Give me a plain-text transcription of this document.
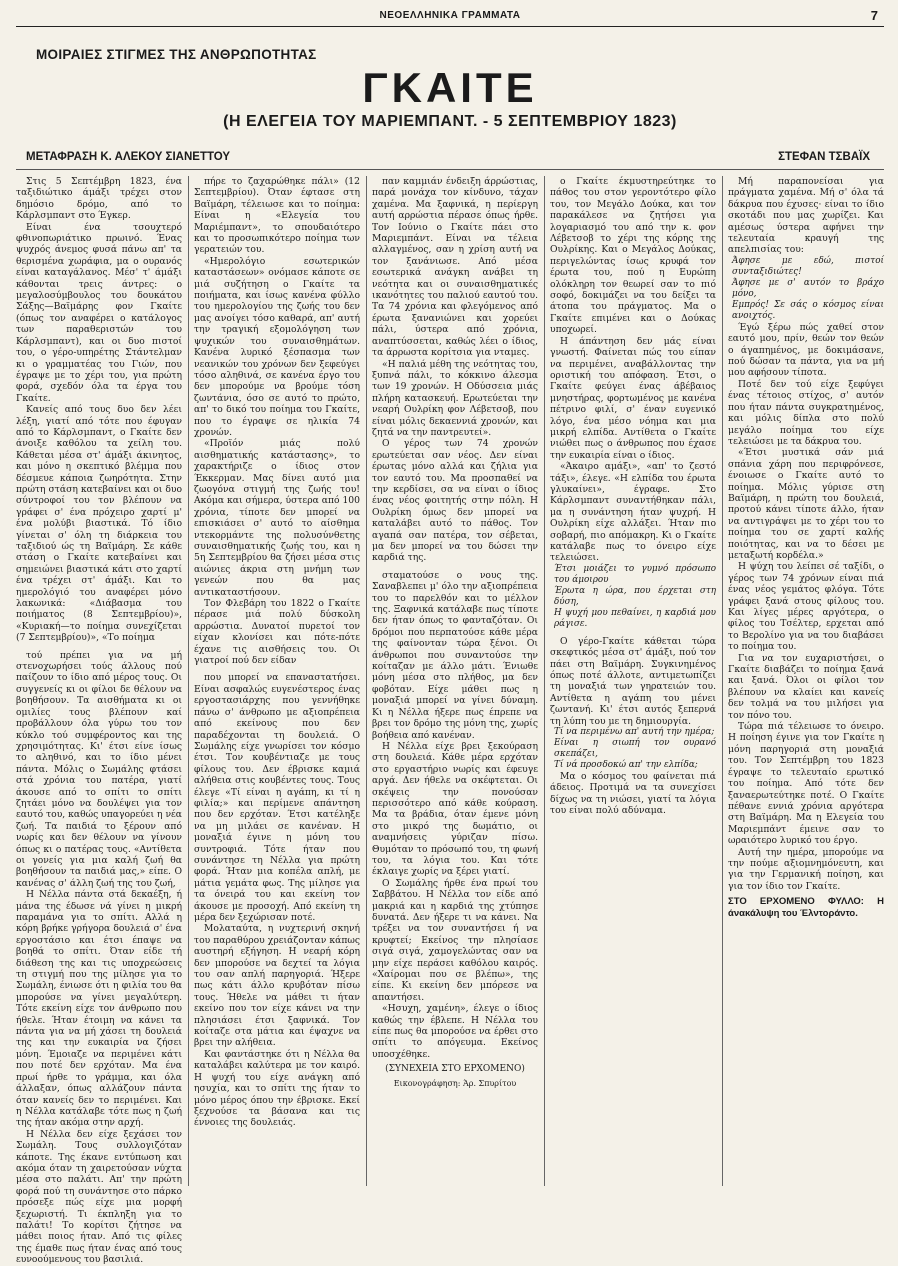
ΝΕΟΕΛΛΗΝΙΚΑ ΓΡΑΜΜΑΤΑ	7
ΜΟΙΡΑΙΕΣ ΣΤΙΓΜΕΣ ΤΗΣ ΑΝΘΡΩΠΟΤΗΤΑΣ
ΓΚΑΙΤΕ
(Η ΕΛΕΓΕΙΑ ΤΟΥ ΜΑΡΙΕΜΠΑΝΤ. - 5 ΣΕΠΤΕΜΒΡΙΟΥ 1823)
ΜΕΤΑΦΡΑΣΗ Κ. ΑΛΕΚΟΥ ΣΙΑΝΕΤΤΟΥ	ΣΤΕΦΑΝ ΤΣΒΑΪΧ

Στις 5 Σεπτέμβρη 1823, ένα ταξιδιώτικο άμάξι τρέχει στον δημόσιο δρόμο, από το Κάρλσμπαντ στο Έγκερ.

Είναι ένα τσουχτερό φθινοπωριάτικο πρωινό. Ένας ψυχρός άνεμος φυσά πάνω απ' τα θερισμένα χωράφια, μα ο ουρανός είναι καταγάλανος. Μέσ' τ' άμάξι κάθονται τρεις άντρες: ο μεγαλοσύμβουλος του δουκάτου Σάξης—Βαϊμάρης φον Γκαίτε (όπως τον αναφέρει ο κατάλογος των παραθεριστών του Κάρλσμπαντ), και οι δυο πιστοί του, ο γέρο-υπηρέτης Στάντελμαν κι ο γραμματέας του Γιών, που έγραψε με το χέρι του, για πρώτη φορά, σχεδόν όλα τα έργα του Γκαίτε.

Κανείς από τους δυο δεν λέει λέξη, γιατί από τότε που έφυγαν από το Κάρλσμπαντ, ο Γκαίτε δεν άνοιξε καθόλου τα χείλη του. Κάθεται μέσα στ' άμάξι άκινητος, και μόνο η σκεπτικό βλέμμα που δέσμευε κάποια ζωηρότητα. Στην πρώτη στάση κατεβαίνει και οι δυο σύντροφοί του τον βλέπουν να γράφει σ' ένα πρόχειρο χαρτί μ' ένα μολύβι βιαστικά. Τό ίδιο γίνεται σ' όλη τη διάρκεια του ταξιδιού ώς τη Βαϊμάρη. Σε κάθε στάση ο Γκαίτε κατεβαίνει και σημειώνει βιαστικά κάτι στο χαρτί ένα τρέχει στ' άμάξι. Και το ημερολόγιό του αναφέρει μόνο λακωνικά: «Διάβασμα του ποιήματος (8 Σεπτεμβρίου)», «Κυριακή—το ποίημα συνεχίζεται (7 Σεπτεμβρίου)», «Το ποίημα

τού πρέπει για να μή στενοχωρήσει τούς άλλους πού παίζουν το ίδιο από μέρος τους. Οι συγγενείς κι οι φίλοι δε θέλουν να βοηθήσουν. Τα αισθήματα κι οι ομιλίες τους βλέπουν καί προβάλλουν όλα γύρω του τον κύκλο τού συμφέροντος και της χρησιμότητας. Κι' έτσι είνε ίσως το αληθινό, και το ίδιο μένει πάντα. Μόλις ο Σωμάλης φτάσει στά χρόνια του πατέρα, γιατί άκουσε από το σπίτι το σπίτι ζητάει μόνο να δουλέψει για τον εαυτό του, καθώς υπαγορεύει η νέα ζωή. Τα παιδιά το ξέρουν από νωρίς και δεν θέλουν να γίνουν όπως κι ο πατέρας τους. «Αντίθετα οι γονείς για μια καλή ζωή θα βοηθήσουν τα παιδιά μας,» είπε. Ο κανένας σ' άλλη ζωή της του ζωή,

Η Νέλλα πάντα στά δεκαέξη, ή μάνα της έδωσε νά γίνει η μικρή παραμάνα για το σπίτι. Αλλά η κόρη βρήκε γρήγορα δουλειά σ' ένα εργοστάσιο και έτσι έπαψε να βοηθά το σπίτι. Όταν είδε τή διάθεση της και τις υποχρεώσεις τη στιγμή που της μίλησε για το Σωμάλη, ένιωσε ότι η φιλία του θα μπορούσε να γίνει μεγαλύτερη. Τότε εκείνη είχε τον άνθρωπο που ήθελε. Ήταν έτοιμη να κάνει τα πάντα για να μή χάσει τη δουλειά της και την ευκαιρία να ζήσει μόνη. Έμοιαζε να περιμένει κάτι που ποτέ δεν ερχόταν. Μα ένα πρωί ήρθε το γράμμα, και όλα άλλαξαν, όπως αλλάζουν πάντα όταν κανείς δεν το περιμένει. Και η Νέλλα κατάλαβε τότε πως η ζωή της ήταν ακόμα στην αρχή.

Η Νέλλα δεν είχε ξεχάσει τον Σωμάλη. Τους συλλογιζόταν κάποτε. Της έκανε εντύπωση και ακόμα όταν τη χαιρετούσαν νύχτα μέσα στο παλάτι. Απ' την πρώτη φορά πού τη συνάντησε στο πάρκο πρόσεξε πώς είχε μια μορφή ξεχωριστή. Τι έκπληξη για το παλάτι! Το κορίτσι ζήτησε να μάθει ποιος ήταν. Από τις φίλες της έμαθε πως ήταν ένας από τους ευνοούμενους του βασιλιά.

πήρε το ζαχαρώθηκε πάλι» (12 Σεπτεμβρίου). Όταν έφτασε στη Βαϊμάρη, τέλειωσε και το ποίημα: Είναι η «Ελεγεία του Μαριέμπαντ», το σπουδαιότερο και το προσωπικότερο ποίημα των γερατειών του.

«Ημερολόγιο εσωτερικών καταστάσεων» ονόμασε κάποτε σε μιά συζήτηση ο Γκαίτε τα ποιήματα, και ίσως κανένα φύλλο του ημερολογίου της ζωής του δεν μας ανοίγει τόσο καθαρά, απ' αυτή την τραγική εξομολόγηση των ψυχικών του συναισθημάτων. Κανένα λυρικό ξέσπασμα των νεανικών του χρόνων δεν ξεφεύγει τόσο αληθινά, σε κανένα έργο του δεν μπορούμε να βρούμε τόση ζωντάνια, όσο σε αυτό το πρώτο, απ' το δικό του ποίημα του Γκαίτε, που το έγραψε σε ηλικία 74 χρονών.

«Προϊόν μιάς πολύ αισθηματικής κατάστασης», το χαρακτήριζε ο ίδιος στον Έκκερμαν. Μας δίνει αυτό μια ζωογόνα στιγμή της ζωής του! Ακόμα και σήμερα, ύστερα από 100 χρόνια, τίποτε δεν μπορεί να επισκιάσει σ' αυτό το αίσθημα ντεκορμάντε της πολυσύνθετης συναισθηματικής ζωής του, και η 5η Σεπτεμβρίου θα ζήσει μέσα στις αιώνιες άκρια στη μνήμη των γενεών που θα μας αντικαταστήσουν.

Τον Φλεβάρη του 1822 ο Γκαίτε πέρασε μιά πολύ δύσκολη αρρώστια. Δυνατοί πυρετοί τον είχαν κλονίσει και πότε-πότε έχανε τις αισθήσεις του. Οι γιατροί πού δεν είδαν

που μπορεί να επαναστατήσει. Είναι ασφαλώς ευγενέστερος ένας εργοστασιάρχης που γεννήθηκε πάνω σ' άνθρωπο με αξιοπρέπεια από εκείνους που δεν παραδέχονται τη δουλειά. Ο Σωμάλης είχε γνωρίσει τον κόσμο έτσι. Τον κουβέντιαζε με τους φίλους του. Δεν έβρισκε καμιά αλήθεια στις κουβέντες τους. Τους έλεγε «Τί είναι η αγάπη, κι τί η φιλία;» και περίμενε απάντηση που δεν ερχόταν. Έτσι κατέληξε να μη μιλάει σε κανέναν. Η μοναξιά έγινε η μόνη του συντροφιά. Τότε ήταν που συνάντησε τη Νέλλα για πρώτη φορά. Ήταν μια κοπέλα απλή, με μάτια γεμάτα φως. Της μίλησε για τα όνειρά του και εκείνη τον άκουσε με προσοχή. Από εκείνη τη μέρα δεν ξεχώρισαν ποτέ.

Μολαταύτα, η νυχτερινή σκηνή του παραθύρου χρειάζονταν κάπως αυστηρή εξήγηση. Η νεαρή κόρη δεν μπορούσε να δεχτεί τα λόγια του σαν απλή παρηγοριά. Ήξερε πως κάτι άλλο κρυβόταν πίσω τους. Ήθελε να μάθει τι ήταν εκείνο που τον είχε κάνει να την πλησιάσει έτσι ξαφνικά. Τον κοίταζε στα μάτια και έψαχνε να βρει την αλήθεια.

Και φαντάστηκε ότι η Νέλλα θα καταλάβει καλύτερα με τον καιρό. Η ψυχή του είχε ανάγκη από ησυχία, και το σπίτι της ήταν το μόνο μέρος όπου την έβρισκε. Εκεί ξεχνούσε τα βάσανα και τις έννοιες της δουλειάς.

παν καμμιάν ένδειξη άρρώστιας, παρά μονάχα τον κίνδυνο, τάχαν χαμένα. Μα ξαφνικά, η περίεργη αυτή αρρώστια πέρασε όπως ήρθε. Τον Ιούνιο ο Γκαίτε πάει στο Μαριεμπάντ. Είναι να τέλεια αλλαγμένος, σαν η χρίση αυτή να τον ξανάνιωσε. Από μέσα εσωτερικά ανάγκη ανάβει τη νεότητα και οι συναισθηματικές ικανότητες του παλιού εαυτού του. Τα 74 χρόνια και φλεγόμενος από έρωτα ξανανιώνει και χορεύει πάλι, ύστερα από χρόνια, αναπτύσσεται, καθώς λέει ο ίδιος, τα άρρωστα κορίτσια για νταμες.

«Η παλιά μέθη της νεότητας του, ξυπνά πάλι, το κόκκινο άλεσμα των 19 χρονών. Η Οδύσσεια μιάς πλήρη κατασκευή. Ερωτεύεται την νεαρή Ουλρίκη φον Λέβετσοβ, που είναι μόλις δεκαεννιά χρονών, και ζητά να την παντρευτεί».

Ο γέρος των 74 χρονών ερωτεύεται σαν νέος. Δεν είναι έρωτας μόνο αλλά και ζήλια για τον εαυτό του. Μα προσπαθεί να την κερδίσει, σα να είναι ο ίδιος ένας νέος φοιτητής στην πόλη. Η Ουλρίκη όμως δεν μπορεί να καταλάβει αυτό το πάθος. Τον αγαπά σαν πατέρα, τον σέβεται, μα δεν μπορεί να του δώσει την καρδιά της.

σταματούσε ο νους της. Σαναβλεπει μ' όλο την αξιοπρέπεια του το παρελθόν και το μέλλον της. Ξαφνικά κατάλαβε πως τίποτε δεν ήταν όπως το φανταζόταν. Οι δρόμοι που περπατούσε κάθε μέρα της φαίνονταν τώρα ξένοι. Οι άνθρωποι που συναντούσε την κοίταζαν με άλλο μάτι. Ένιωθε μόνη μέσα στο πλήθος, μα δεν φοβόταν. Είχε μάθει πως η μοναξιά μπορεί να γίνει δύναμη. Κι η Νέλλα ήξερε πως έπρεπε να βρει τον δρόμο της μόνη της, χωρίς βοήθεια από κανέναν.

Η Νέλλα είχε βρει ξεκούραση στη δουλειά. Κάθε μέρα ερχόταν στο εργαστήριο νωρίς και έφευγε αργά. Δεν ήθελε να σκέφτεται. Οι σκέψεις την πονούσαν περισσότερο από κάθε κούραση. Μα τα βράδια, όταν έμενε μόνη στο μικρό της δωμάτιο, οι αναμνήσεις γύριζαν πίσω. Θυμόταν το πρόσωπό του, τη φωνή του, τα λόγια του. Και τότε έκλαιγε χωρίς να ξέρει γιατί.

Ο Σωμάλης ήρθε ένα πρωί του Σαββάτου. Η Νέλλα τον είδε από μακριά και η καρδιά της χτύπησε δυνατά. Δεν ήξερε τι να κάνει. Να τρέξει να τον συναντήσει ή να κρυφτεί; Εκείνος την πλησίασε σιγά σιγά, χαμογελώντας σαν να μην είχε περάσει καθόλου καιρός. «Χαίρομαι που σε βλέπω», της είπε. Κι εκείνη δεν μπόρεσε να απαντήσει.

«Ησυχη, χαμένη», έλεγε ο ίδιος καθώς την έβλεπε. Η Νέλλα του είπε πως θα μπορούσε να έρθει στο σπίτι το απόγευμα. Εκείνος υποσχέθηκε.

(ΣΥΝΕΧΕΙΑ ΣΤΟ ΕΡΧΟΜΕΝΟ)
Εικονογράφηση: Άρ. Σπυρίτου

ο Γκαίτε έκμυστηρεύτηκε το πάθος του στον γεροντότερο φίλο του, τον Μεγάλο Δούκα, και τον παρακάλεσε να ζητήσει για λογαριασμό του από την κ. φον Λέβετσοβ το χέρι της κόρης της Ουλρίκης. Και ο Μεγάλος Δούκας, περιγελώντας ίσως κρυφά τον έρωτα του, πού η Ευρώπη ολόκληρη τον θεωρεί σαν το πιό σοφό, δοκιμάζει να του δείξει τα άτοπα του πράγματος. Μα ο Γκαίτε επιμένει και ο Δούκας υποχωρεί.

Η άπάντηση δεν μάς είναι γνωστή. Φαίνεται πώς του είπαν να περιμένει, αναβάλλοντας την οριστική του απόφαση. Έτσι, ο Γκαίτε φεύγει ένας άβέβαιος μνηστήρας, φορτωμένος με κανένα πέτρινο φιλί, σ' έναν ευγενικό λόγο, ένα μέσο νόημα και μια μικρή ελπίδα. Αντίθετα ο Γκαίτε νιώθει πως ο άνθρωπος που έχασε την ευκαιρία είναι ο ίδιος.

«Άκαιρο αμάξι», «απ' το ζεστό τάξι», έλεγε. «Η ελπίδα του έρωτα γλυκαίνει», έγραφε. Στο Κάρλσμπαντ συναντήθηκαν πάλι, μα η συνάντηση ήταν ψυχρή. Η Ουλρίκη είχε αλλάξει. Ήταν πιο σοβαρή, πιο απόμακρη. Κι ο Γκαίτε κατάλαβε πως το όνειρο είχε τελειώσει.

Έτσι μοιάζει το γυμνό πρόσωπο του άμοιρου
Έρωτα η ώρα, που έρχεται στη δύση,
Η ψυχή μου πεθαίνει, η καρδιά μου ράγισε.

Ο γέρο-Γκαίτε κάθεται τώρα σκεφτικός μέσα στ' άμάξι, πού τον πάει στη Βαϊμάρη. Συγκινημένος όπως ποτέ άλλοτε, αντιμετωπίζει τη μοναξιά των γηρατειών του. Αντίθετα η αγάπη του μένει ζωντανή. Κι' έτσι αυτός ξεπερνά τη λύπη του με τη δημιουργία.

Τί να περιμένω απ' αυτή την ημέρα;
Είναι η σιωπή τον ουρανό σκεπάζει,
Τί νά προσδοκώ απ' την ελπίδα;

Μα ο κόσμος του φαίνεται πιά άδειος. Προτιμά να τα συνεχίσει δίχως να τη νιώσει, γιατί τα λόγια του είναι πολύ αδύναμα.

Μή παραπονείσαι για πράγματα χαμένα. Μή σ' όλα τά δάκρυα που έχυσες· είναι το ίδιο σκοτάδι που μας χωρίζει. Και αμέσως ύστερα αφήνει την τελευταία κραυγή της απελπισίας του:

Άφησε με εδώ, πιστοί συνταξιδιώτες!
Άφησε με σ' αυτόν το βράχο μόνο,
Εμπρός! Σε σάς ο κόσμος είναι ανοιχτός.

Έγώ ξέρω πώς χαθεί στον εαυτό μου, πρίν, θεών τον θεών ο άγαπημένος, με δοκιμάσανε, πού δώσαν τα πάντα, για να μή μου αφήσουν τίποτα.

Ποτέ δεν τού είχε ξεφύγει ένας τέτοιος στίχος, σ' αυτόν που ήταν πάντα συγκρατημένος, και μόλις δίπλα στο πολύ μεγάλο ποίημα του είχε τελειώσει με τα δάκρυα του.

«Έτσι μυστικά σάν μιά σπάνια χάρη που περιφρόνεσε, ένοιωσε ο Γκαίτε αυτό το ποίημα. Μόλις γύρισε στη Βαϊμάρη, η πρώτη του δουλειά, προτού κάνει τίποτε άλλο, ήταν να αντιγράψει με το χέρι του το ποίημα του σε χαρτί καλής ποιότητας, και να το δέσει με μεταξωτή κορδέλα.»

Η ψύχη του λείπει σέ ταξίδι, ο γέρος των 74 χρόνων είναι πιά ένας νέος γεμάτος φλόγα. Τότε γράφει ξανά στους φίλους του. Και λίγες μέρες αργότερα, ο φίλος του Τσέλτερ, ερχεται από το Βερολίνο για να του διαβάσει το ποίημα του.

Για να τον ευχαριστήσει, ο Γκαίτε διαβάζει το ποίημα ξανά και ξανά. Όλοι οι φίλοι τον βλέπουν να κλαίει και κανείς δεν τολμά να του μιλήσει για τον πόνο του.

Τώρα πιά τέλειωσε το όνειρο. Η ποίηση έγινε για τον Γκαίτε η μόνη παρηγοριά στη μοναξιά του. Τον Σεπτέμβρη του 1823 έγραψε το τελευταίο ερωτικό του ποίημα. Από τότε δεν ξαναερωτεύτηκε ποτέ. Ο Γκαίτε πέθανε εννιά χρόνια αργότερα στη Βαϊμάρη. Μα η Ελεγεία του Μαριεμπάντ έμεινε σαν το ωραιότερο λυρικό του έργο.

Αυτή την ημέρα, μπορούμε να την πούμε αξιομνημόνευτη, και για την Γερμανική ποίηση, και για τον ίδιο τον Γκαίτε.

ΣΤΟ ΕΡΧΟΜΕΝΟ ΦΥΛΛΟ: Η άνακάλυψη του Έλντοράντο.
